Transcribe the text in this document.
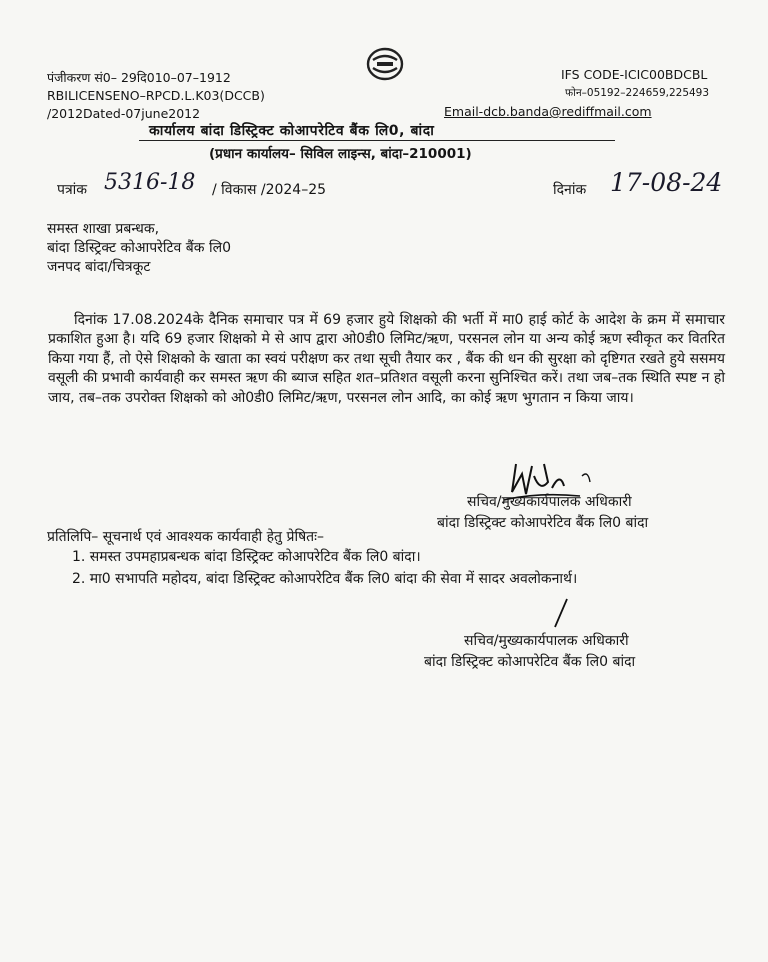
पंजीकरण सं0– 29दि010–07–1912
RBILICENSENO–RPCD.L.K03(DCCB)
/2012Dated-07june2012
IFS CODE-ICIC00BDCBL
फोन–05192–224659,225493
Email-dcb.banda@rediffmail.com
कार्यालय बांदा डिस्ट्रिक्ट कोआपरेटिव बैंक लि0, बांदा
(प्रधान कार्यालय– सिविल लाइन्स, बांदा–210001)
पत्रांक 5316-18 / विकास /2024–25	दिनांक 17-08-24
समस्त शाखा प्रबन्धक,
बांदा डिस्ट्रिक्ट कोआपरेटिव बैंक लि0
जनपद बांदा/चित्रकूट

दिनांक 17.08.2024के दैनिक समाचार पत्र में 69 हजार हुये शिक्षको की भर्ती में मा0 हाई कोर्ट के आदेश के क्रम में समाचार प्रकाशित हुआ है। यदि 69 हजार शिक्षको मे से आप द्वारा ओ0डी0 लिमिट/ऋण, परसनल लोन या अन्य कोई ऋण स्वीकृत कर वितरित किया गया हैं, तो ऐसे शिक्षको के खाता का स्वयं परीक्षण कर तथा सूची तैयार कर , बैंक की धन की सुरक्षा को दृष्टिगत रखते हुये ससमय वसूली की प्रभावी कार्यवाही कर समस्त ऋण की ब्याज सहित शत–प्रतिशत वसूली करना सुनिश्चित करें। तथा जब–तक स्थिति स्पष्ट न हो जाय, तब–तक उपरोक्त शिक्षको को ओ0डी0 लिमिट/ऋण, परसनल लोन आदि, का कोई ऋण भुगतान न किया जाय।

सचिव/मुख्यकार्यपालक अधिकारी
बांदा डिस्ट्रिक्ट कोआपरेटिव बैंक लि0 बांदा
प्रतिलिपि– सूचनार्थ एवं आवश्यक कार्यवाही हेतु प्रेषितः–
1. समस्त उपमहाप्रबन्धक बांदा डिस्ट्रिक्ट कोआपरेटिव बैंक लि0 बांदा।
2. मा0 सभापति महोदय, बांदा डिस्ट्रिक्ट कोआपरेटिव बैंक लि0 बांदा की सेवा में सादर अवलोकनार्थ।
सचिव/मुख्यकार्यपालक अधिकारी
बांदा डिस्ट्रिक्ट कोआपरेटिव बैंक लि0 बांदा
